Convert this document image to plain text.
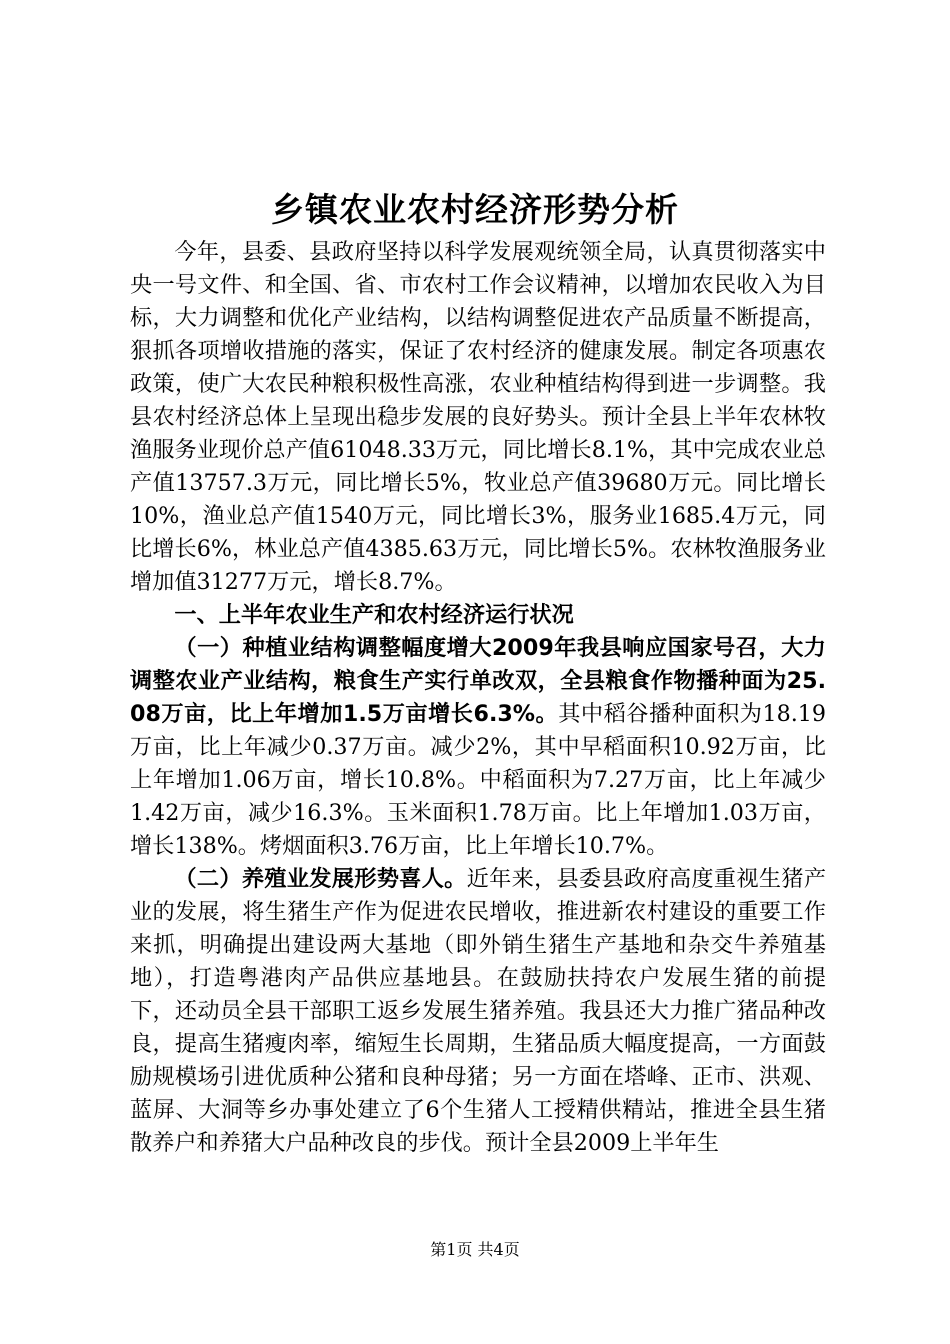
乡镇农业农村经济形势分析

今年，县委、县政府坚持以科学发展观统领全局，认真贯彻落实中央一号文件、和全国、省、市农村工作会议精神，以增加农民收入为目标，大力调整和优化产业结构，以结构调整促进农产品质量不断提高，狠抓各项增收措施的落实，保证了农村经济的健康发展。制定各项惠农政策，使广大农民种粮积极性高涨，农业种植结构得到进一步调整。我县农村经济总体上呈现出稳步发展的良好势头。预计全县上半年农林牧渔服务业现价总产值61048.33万元，同比增长8.1%，其中完成农业总产值13757.3万元，同比增长5%，牧业总产值39680万元。同比增长10%，渔业总产值1540万元，同比增长3%，服务业1685.4万元，同比增长6%，林业总产值4385.63万元，同比增长5%。农林牧渔服务业增加值31277万元，增长8.7%。

一、上半年农业生产和农村经济运行状况

（一）种植业结构调整幅度增大2009年我县响应国家号召，大力调整农业产业结构，粮食生产实行单改双，全县粮食作物播种面为25.08万亩，比上年增加1.5万亩增长6.3%。其中稻谷播种面积为18.19万亩，比上年减少0.37万亩。减少2%，其中早稻面积10.92万亩，比上年增加1.06万亩，增长10.8%。中稻面积为7.27万亩，比上年减少1.42万亩，减少16.3%。玉米面积1.78万亩。比上年增加1.03万亩，增长138%。烤烟面积3.76万亩，比上年增长10.7%。

（二）养殖业发展形势喜人。近年来，县委县政府高度重视生猪产业的发展，将生猪生产作为促进农民增收，推进新农村建设的重要工作来抓，明确提出建设两大基地（即外销生猪生产基地和杂交牛养殖基地），打造粤港肉产品供应基地县。在鼓励扶持农户发展生猪的前提下，还动员全县干部职工返乡发展生猪养殖。我县还大力推广猪品种改良，提高生猪瘦肉率，缩短生长周期，生猪品质大幅度提高，一方面鼓励规模场引进优质种公猪和良种母猪；另一方面在塔峰、正市、洪观、蓝屏、大洞等乡办事处建立了6个生猪人工授精供精站，推进全县生猪散养户和养猪大户品种改良的步伐。预计全县2009上半年生

第1页 共4页
